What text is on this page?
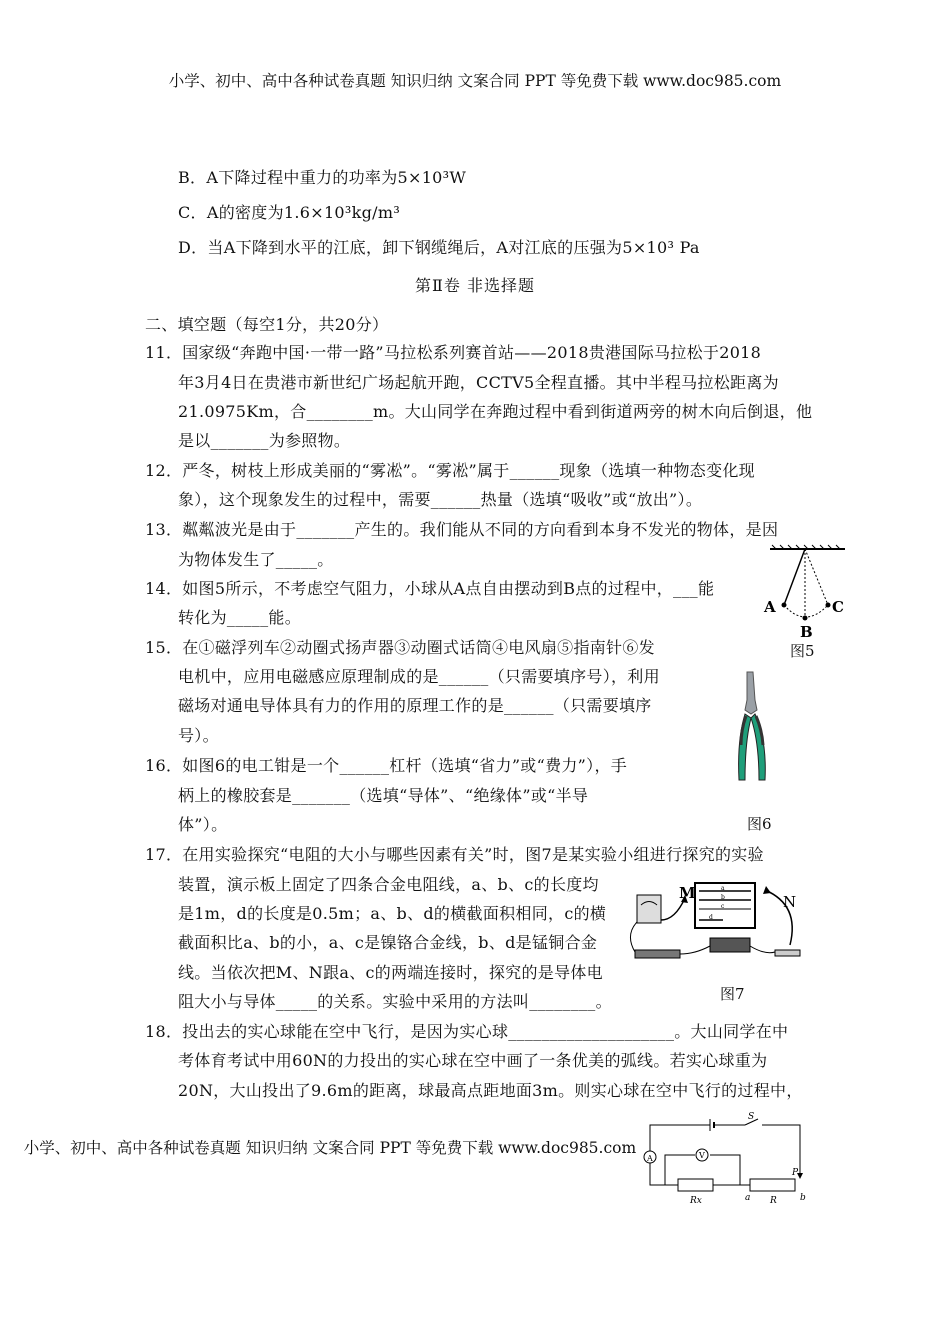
小学、初中、高中各种试卷真题 知识归纳 文案合同 PPT 等免费下载 www.doc985.com
第Ⅱ卷 非选择题
B．A下降过程中重力的功率为5×10³W
C．A的密度为1.6×10³kg/m³
D．当A下降到水平的江底，卸下钢缆绳后，A对江底的压强为5×10³ Pa
二、填空题（每空1分，共20分）
11．国家级“奔跑中国·一带一路”马拉松系列赛首站——2018贵港国际马拉松于2018
年3月4日在贵港市新世纪广场起航开跑，CCTV5全程直播。其中半程马拉松距离为
21.0975Km，合________m。大山同学在奔跑过程中看到街道两旁的树木向后倒退，他
是以_______为参照物。
12．严冬，树枝上形成美丽的“雾凇”。“雾凇”属于______现象（选填一种物态变化现
象），这个现象发生的过程中，需要______热量（选填“吸收”或“放出”）。
13．粼粼波光是由于_______产生的。我们能从不同的方向看到本身不发光的物体，是因
为物体发生了_____。
14．如图5所示，不考虑空气阻力，小球从A点自由摆动到B点的过程中，___能
转化为_____能。
15．在①磁浮列车②动圈式扬声器③动圈式话筒④电风扇⑤指南针⑥发
电机中，应用电磁感应原理制成的是______（只需要填序号），利用
磁场对通电导体具有力的作用的原理工作的是______（只需要填序
号）。
16．如图6的电工钳是一个______杠杆（选填“省力”或“费力”），手
柄上的橡胶套是_______（选填“导体”、“绝缘体”或“半导
体”）。
17．在用实验探究“电阻的大小与哪些因素有关”时，图7是某实验小组进行探究的实验
装置，演示板上固定了四条合金电阻线，a、b、c的长度均
是1m，d的长度是0.5m；a、b、d的横截面积相同，c的横
截面积比a、b的小，a、c是镍铬合金线，b、d是锰铜合金
线。当依次把M、N跟a、c的两端连接时，探究的是导体电
阻大小与导体_____的关系。实验中采用的方法叫________。
18．投出去的实心球能在空中飞行，是因为实心球____________________。大山同学在中
考体育考试中用60N的力投出的实心球在空中画了一条优美的弧线。若实心球重为
20N，大山投出了9.6m的距离，球最高点距地面3m。则实心球在空中飞行的过程中，
A
B
C
图5
图6
a
b
c
d
M	N
图7
A	V
S
P
Rx	a R	b
小学、初中、高中各种试卷真题 知识归纳 文案合同 PPT 等免费下载 www.doc985.com
